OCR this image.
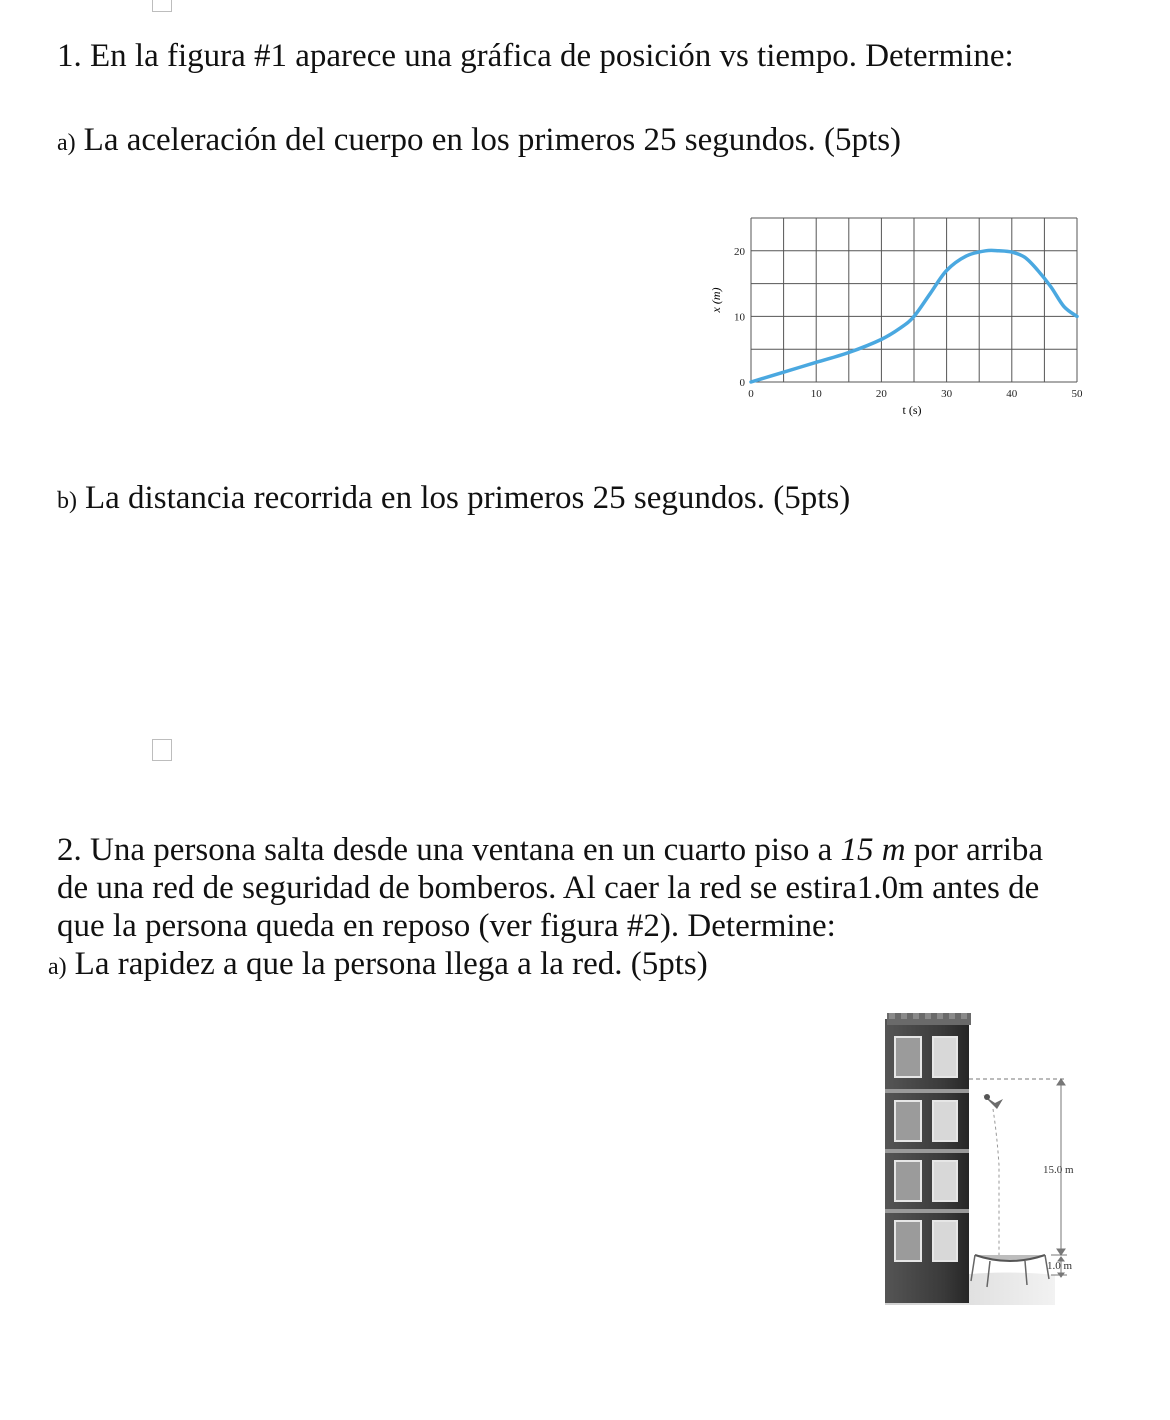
1. En la figura #1 aparece una gráfica de posición vs tiempo. Determine:
a) La aceleración del cuerpo en los primeros 25 segundos. (5pts)
0	10	20	30	40	50
0
10
20
x (m)
t (s)
b) La distancia recorrida en los primeros 25 segundos. (5pts)
2. Una persona salta desde una ventana en un cuarto piso a 15 m por arriba
de una red de seguridad de bomberos. Al caer la red se estira1.0m antes de
que la persona queda en reposo (ver figura #2). Determine:
a) La rapidez a que la persona llega a la red. (5pts)
15.0 m
1.0 m
